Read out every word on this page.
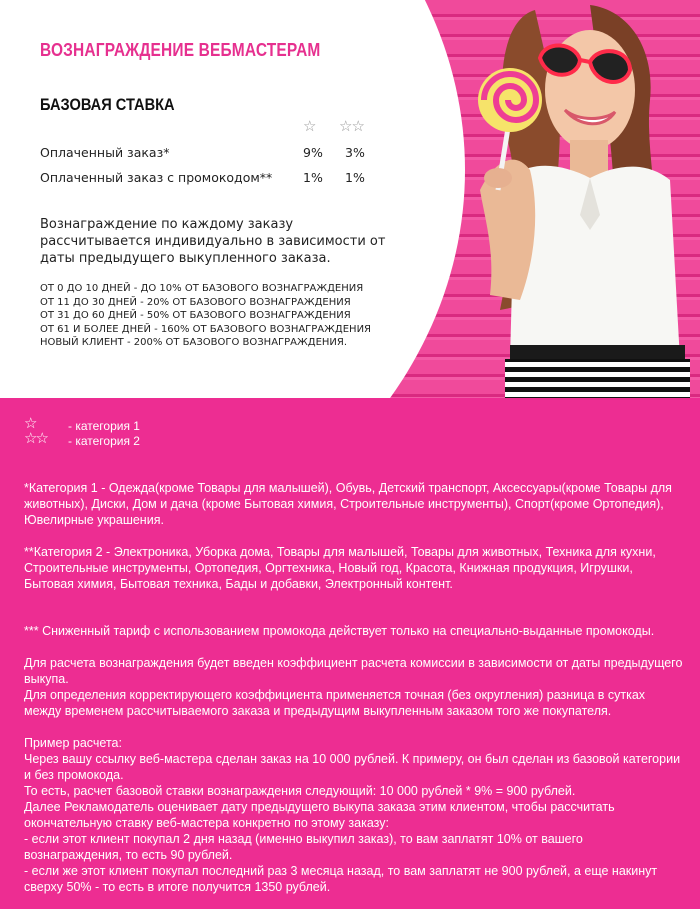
ВОЗНАГРАЖДЕНИЕ ВЕБМАСТЕРАМ
БАЗОВАЯ СТАВКА
☆ ☆☆
Оплаченный заказ*	9% 3%
Оплаченный заказ с промокодом** 1% 1%

Вознаграждение по каждому заказу рассчитывается индивидуально в зависимости от даты предыдущего выкупленного заказа.

ОТ 0 ДО 10 ДНЕЙ - ДО 10% ОТ БАЗОВОГО ВОЗНАГРАЖДЕНИЯ
ОТ 11 ДО 30 ДНЕЙ - 20% ОТ БАЗОВОГО ВОЗНАГРАЖДЕНИЯ
ОТ 31 ДО 60 ДНЕЙ - 50% ОТ БАЗОВОГО ВОЗНАГРАЖДЕНИЯ
ОТ 61 И БОЛЕЕ ДНЕЙ - 160% ОТ БАЗОВОГО ВОЗНАГРАЖДЕНИЯ
НОВЫЙ КЛИЕНТ - 200% ОТ БАЗОВОГО ВОЗНАГРАЖДЕНИЯ.
☆	- категория 1
☆☆ - категория 2

*Категория 1 - Одежда(кроме Товары для малышей), Обувь, Детский транспорт, Аксессуары(кроме Товары для животных), Диски, Дом и дача (кроме Бытовая химия, Строительные инструменты), Спорт(кроме Ортопедия), Ювелирные украшения.

**Категория 2 - Электроника, Уборка дома, Товары для малышей, Товары для животных, Техника для кухни, Строительные инструменты, Ортопедия, Оргтехника, Новый год, Красота, Книжная продукция, Игрушки, Бытовая химия, Бытовая техника, Бады и добавки, Электронный контент.

*** Сниженный тариф с использованием промокода действует только на специально-выданные промокоды.

Для расчета вознаграждения будет введен коэффициент расчета комиссии в зависимости от даты предыдущего выкупа.
Для определения корректирующего коэффициента применяется точная (без округления) разница в сутках между временем рассчитываемого заказа и предыдущим выкупленным заказом того же покупателя.
Пример расчета:
Через вашу ссылку веб-мастера сделан заказ на 10 000 рублей. К примеру, он был сделан из базовой категории и без промокода.
То есть, расчет базовой ставки вознаграждения следующий: 10 000 рублей * 9% = 900 рублей.
Далее Рекламодатель оценивает дату предыдущего выкупа заказа этим клиентом, чтобы рассчитать окончательную ставку веб-мастера конкретно по этому заказу:
- если этот клиент покупал 2 дня назад (именно выкупил заказ), то вам заплатят 10% от вашего вознаграждения, то есть 90 рублей.
- если же этот клиент покупал последний раз 3 месяца назад, то вам заплатят не 900 рублей, а еще накинут сверху 50% - то есть в итоге получится 1350 рублей.
